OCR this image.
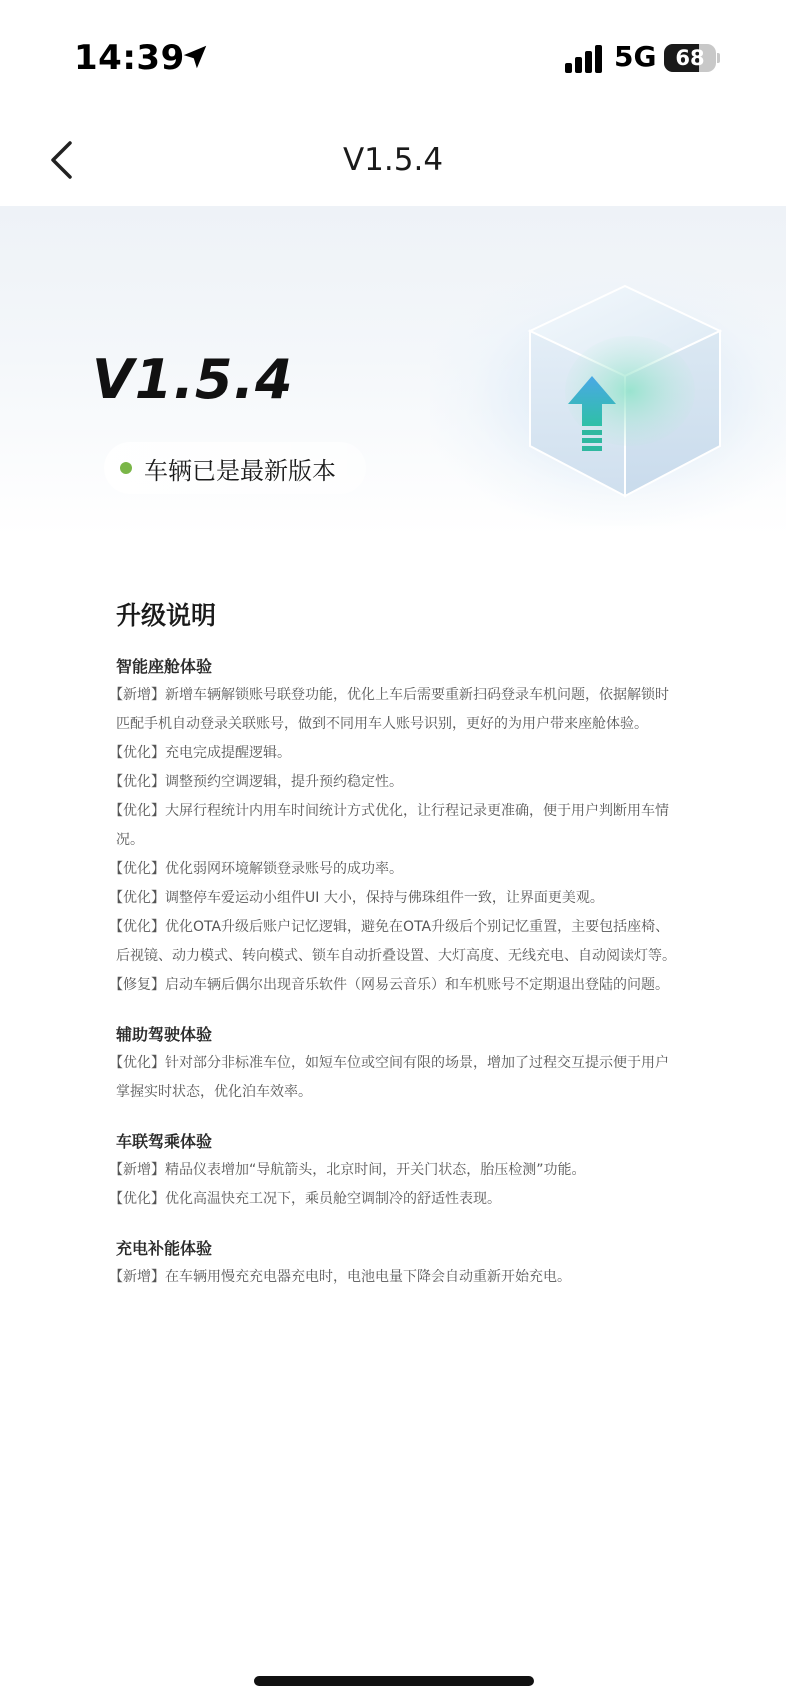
14:39	5G 68
V1.5.4
V1.5.4
车辆已是最新版本
升级说明
智能座舱体验
【新增】新增车辆解锁账号联登功能，优化上车后需要重新扫码登录车机问题，依据解锁时匹配手机自动登录关联账号，做到不同用车人账号识别，更好的为用户带来座舱体验。
【优化】充电完成提醒逻辑。
【优化】调整预约空调逻辑，提升预约稳定性。
【优化】大屏行程统计内用车时间统计方式优化，让行程记录更准确，便于用户判断用车情况。
【优化】优化弱网环境解锁登录账号的成功率。
【优化】调整停车爱运动小组件UI 大小，保持与佛珠组件一致，让界面更美观。
【优化】优化OTA升级后账户记忆逻辑，避免在OTA升级后个别记忆重置，主要包括座椅、后视镜、动力模式、转向模式、锁车自动折叠设置、大灯高度、无线充电、自动阅读灯等。
【修复】启动车辆后偶尔出现音乐软件（网易云音乐）和车机账号不定期退出登陆的问题。
辅助驾驶体验
【优化】针对部分非标准车位，如短车位或空间有限的场景，增加了过程交互提示便于用户掌握实时状态，优化泊车效率。
车联驾乘体验
【新增】精品仪表增加“导航箭头，北京时间，开关门状态，胎压检测”功能。
【优化】优化高温快充工况下，乘员舱空调制冷的舒适性表现。
充电补能体验
【新增】在车辆用慢充充电器充电时，电池电量下降会自动重新开始充电。
